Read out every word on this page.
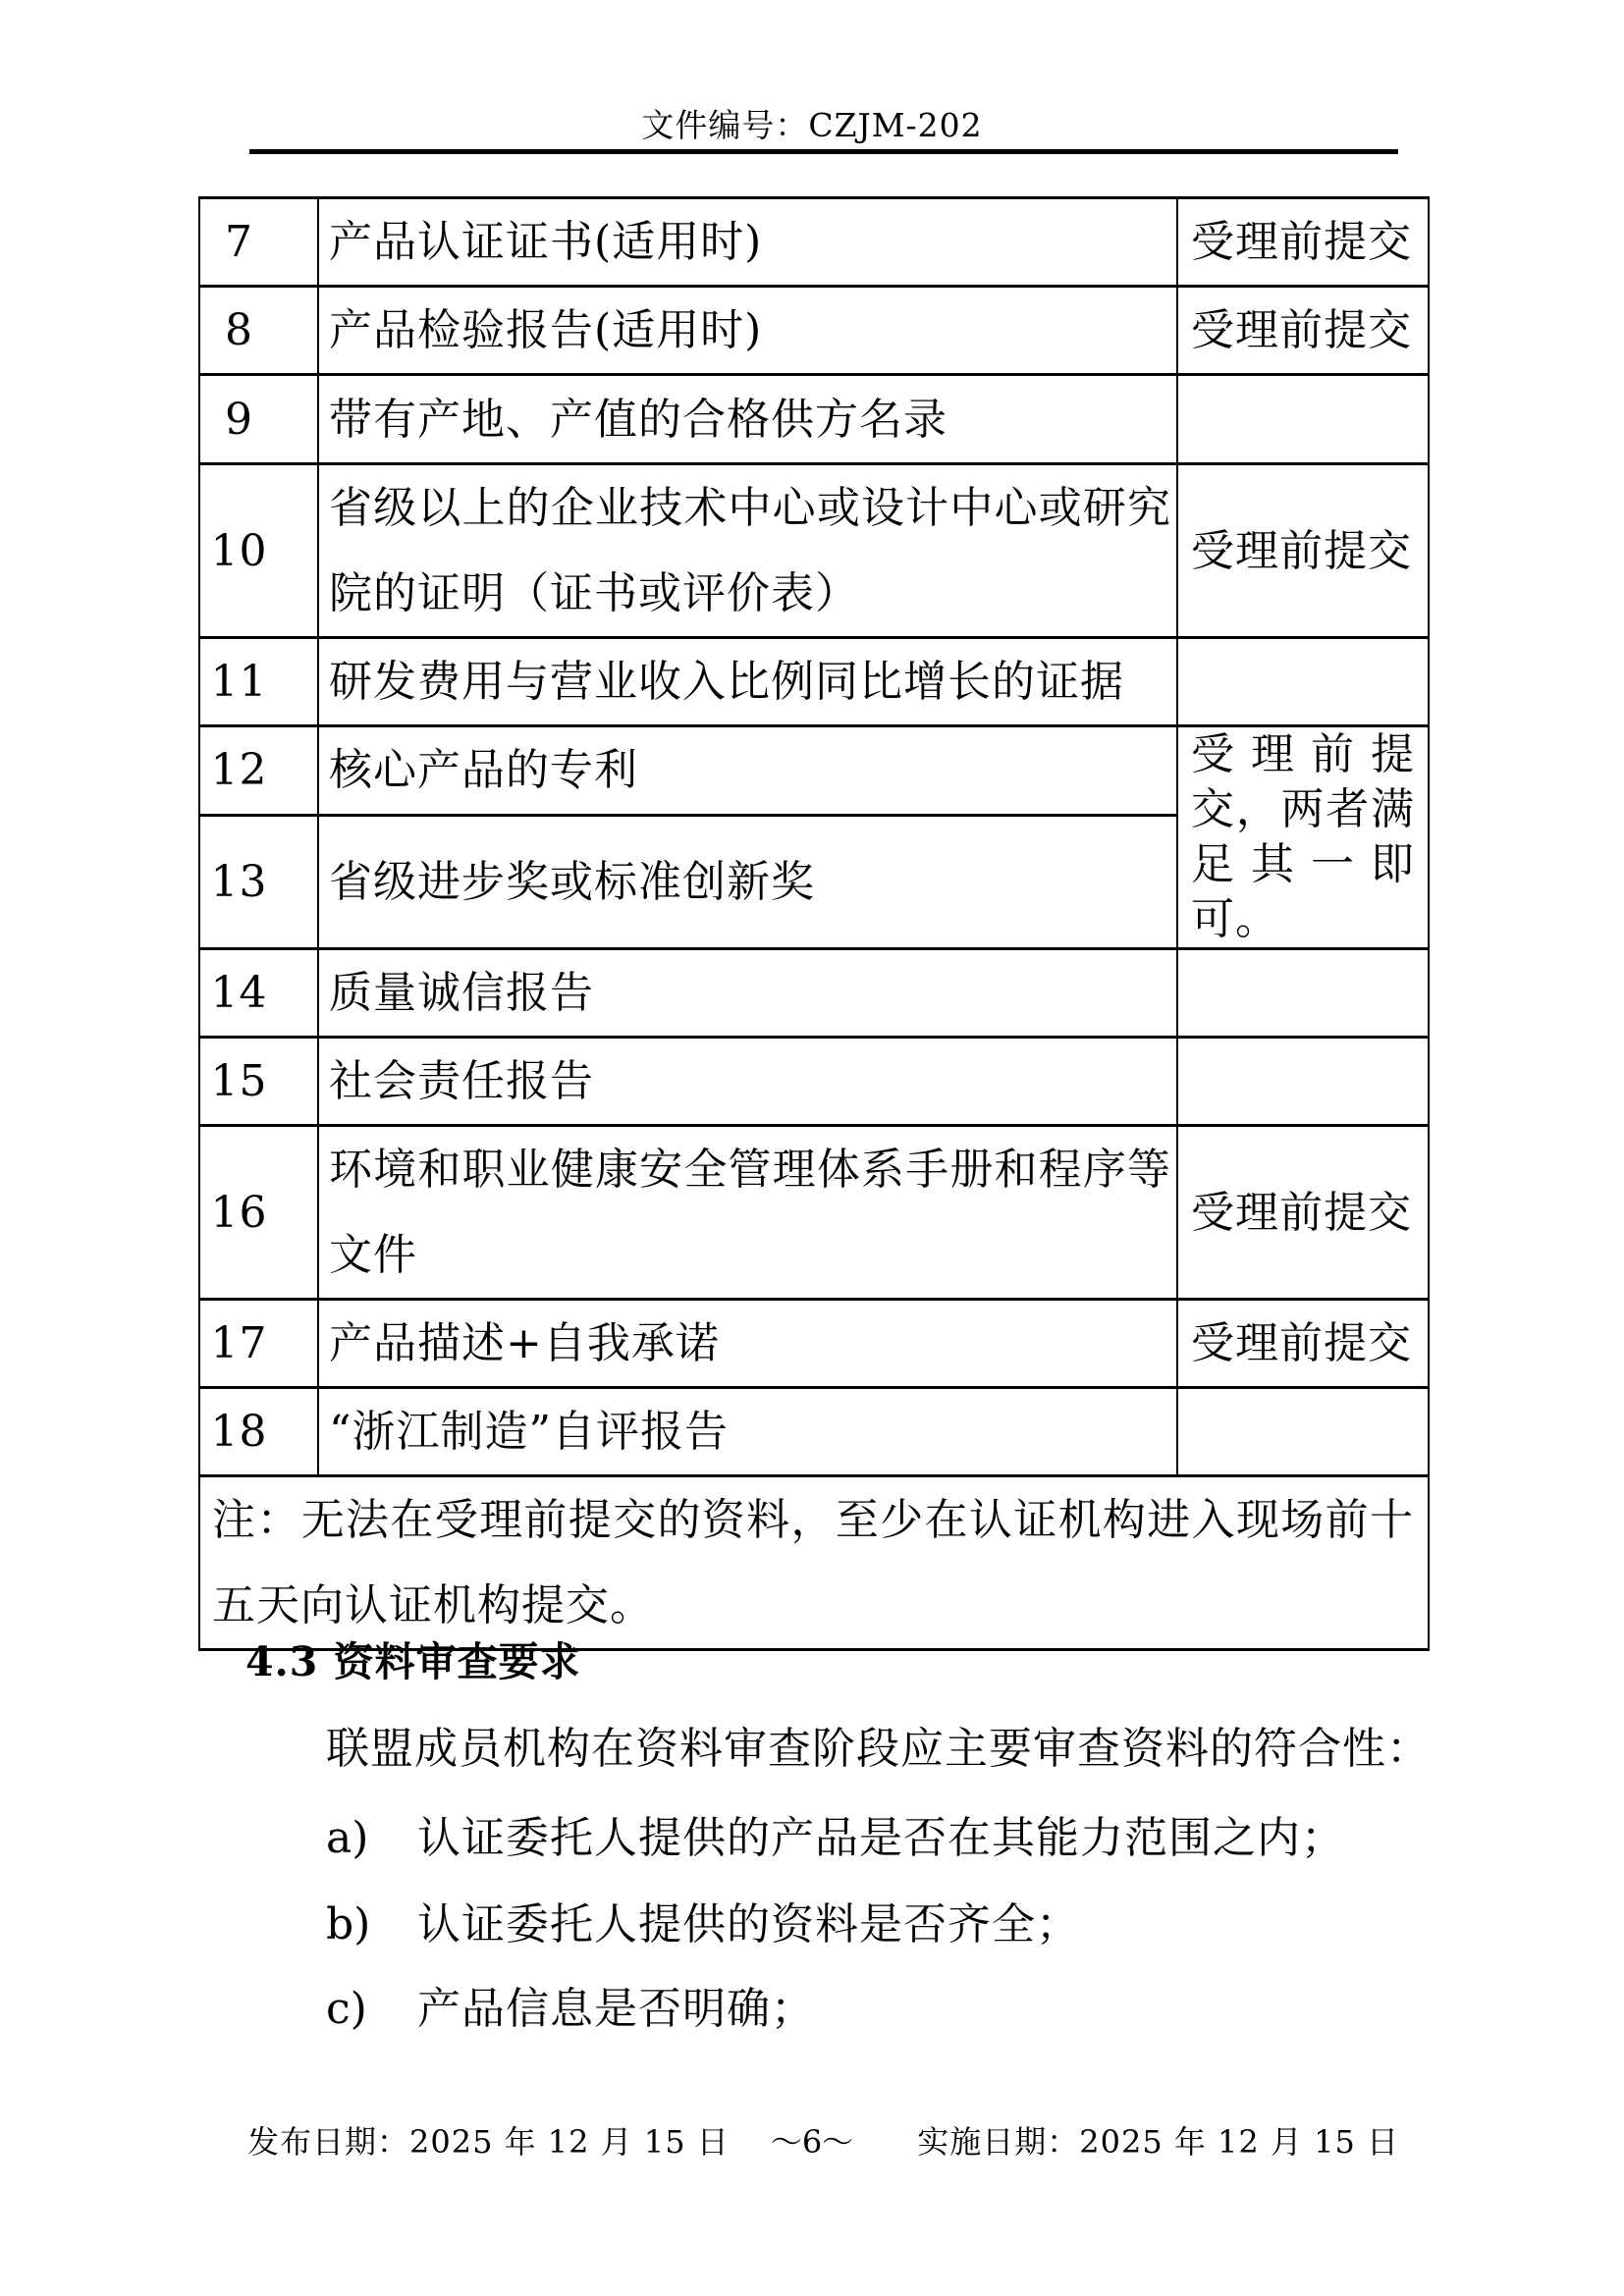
文件编号：CZJM-202
7	产品认证证书(适用时)	受理前提交
8	产品检验报告(适用时)	受理前提交
9	带有产地、产值的合格供方名录	
10	省级以上的企业技术中心或设计中心或研究院的证明（证书或评价表）	受理前提交
11	研发费用与营业收入比例同比增长的证据	
12	核心产品的专利	受理前提交，两者满足其一即可。
13	省级进步奖或标准创新奖	
14	质量诚信报告	
15	社会责任报告	
16	环境和职业健康安全管理体系手册和程序等文件	受理前提交
17	产品描述+自我承诺	受理前提交
18	“浙江制造”自评报告	
注：无法在受理前提交的资料，至少在认证机构进入现场前十五天向认证机构提交。		
4.3 资料审查要求
联盟成员机构在资料审查阶段应主要审查资料的符合性：
a) 认证委托人提供的产品是否在其能力范围之内；
b) 认证委托人提供的资料是否齐全；
c) 产品信息是否明确；
发布日期：2025 年 12 月 15 日	～6～	实施日期：2025 年 12 月 15 日
